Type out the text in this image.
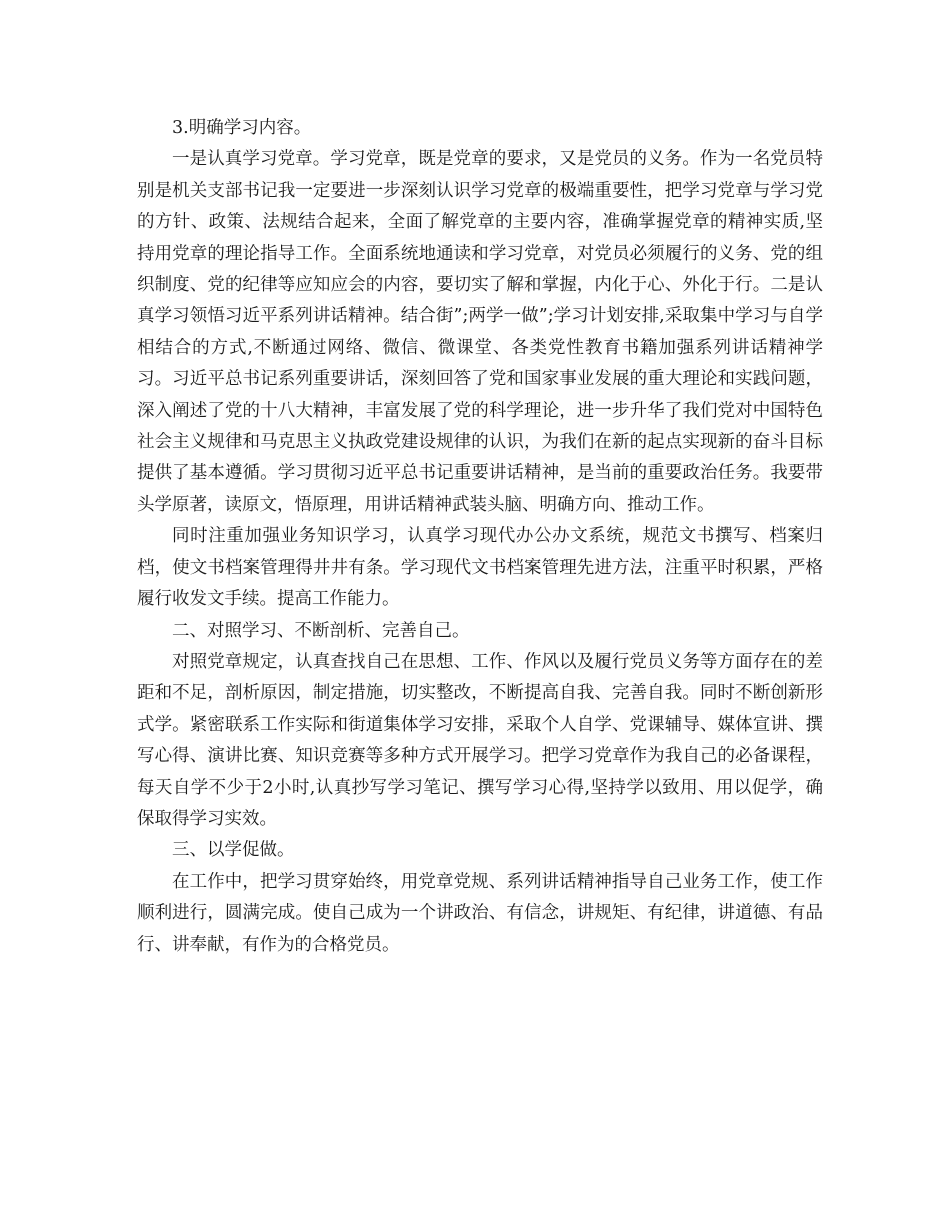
3.明确学习内容。

一是认真学习党章。学习党章，既是党章的要求，又是党员的义务。作为一名党员特别是机关支部书记我一定要进一步深刻认识学习党章的极端重要性，把学习党章与学习党的方针、政策、法规结合起来，全面了解党章的主要内容，准确掌握党章的精神实质,坚持用党章的理论指导工作。全面系统地通读和学习党章，对党员必须履行的义务、党的组织制度、党的纪律等应知应会的内容，要切实了解和掌握，内化于心、外化于行。二是认真学习领悟习近平系列讲话精神。结合街”;两学一做”;学习计划安排,采取集中学习与自学相结合的方式,不断通过网络、微信、微课堂、各类党性教育书籍加强系列讲话精神学习。习近平总书记系列重要讲话，深刻回答了党和国家事业发展的重大理论和实践问题，深入阐述了党的十八大精神，丰富发展了党的科学理论，进一步升华了我们党对中国特色社会主义规律和马克思主义执政党建设规律的认识，为我们在新的起点实现新的奋斗目标提供了基本遵循。学习贯彻习近平总书记重要讲话精神，是当前的重要政治任务。我要带头学原著，读原文，悟原理，用讲话精神武装头脑、明确方向、推动工作。

同时注重加强业务知识学习，认真学习现代办公办文系统，规范文书撰写、档案归档，使文书档案管理得井井有条。学习现代文书档案管理先进方法，注重平时积累，严格履行收发文手续。提高工作能力。

二、对照学习、不断剖析、完善自己。

对照党章规定，认真查找自己在思想、工作、作风以及履行党员义务等方面存在的差距和不足，剖析原因，制定措施，切实整改，不断提高自我、完善自我。同时不断创新形式学。紧密联系工作实际和街道集体学习安排，采取个人自学、党课辅导、媒体宣讲、撰写心得、演讲比赛、知识竞赛等多种方式开展学习。把学习党章作为我自己的必备课程，每天自学不少于2小时,认真抄写学习笔记、撰写学习心得,坚持学以致用、用以促学，确保取得学习实效。

三、以学促做。

在工作中，把学习贯穿始终，用党章党规、系列讲话精神指导自己业务工作，使工作顺利进行，圆满完成。使自己成为一个讲政治、有信念，讲规矩、有纪律，讲道德、有品行、讲奉献，有作为的合格党员。
